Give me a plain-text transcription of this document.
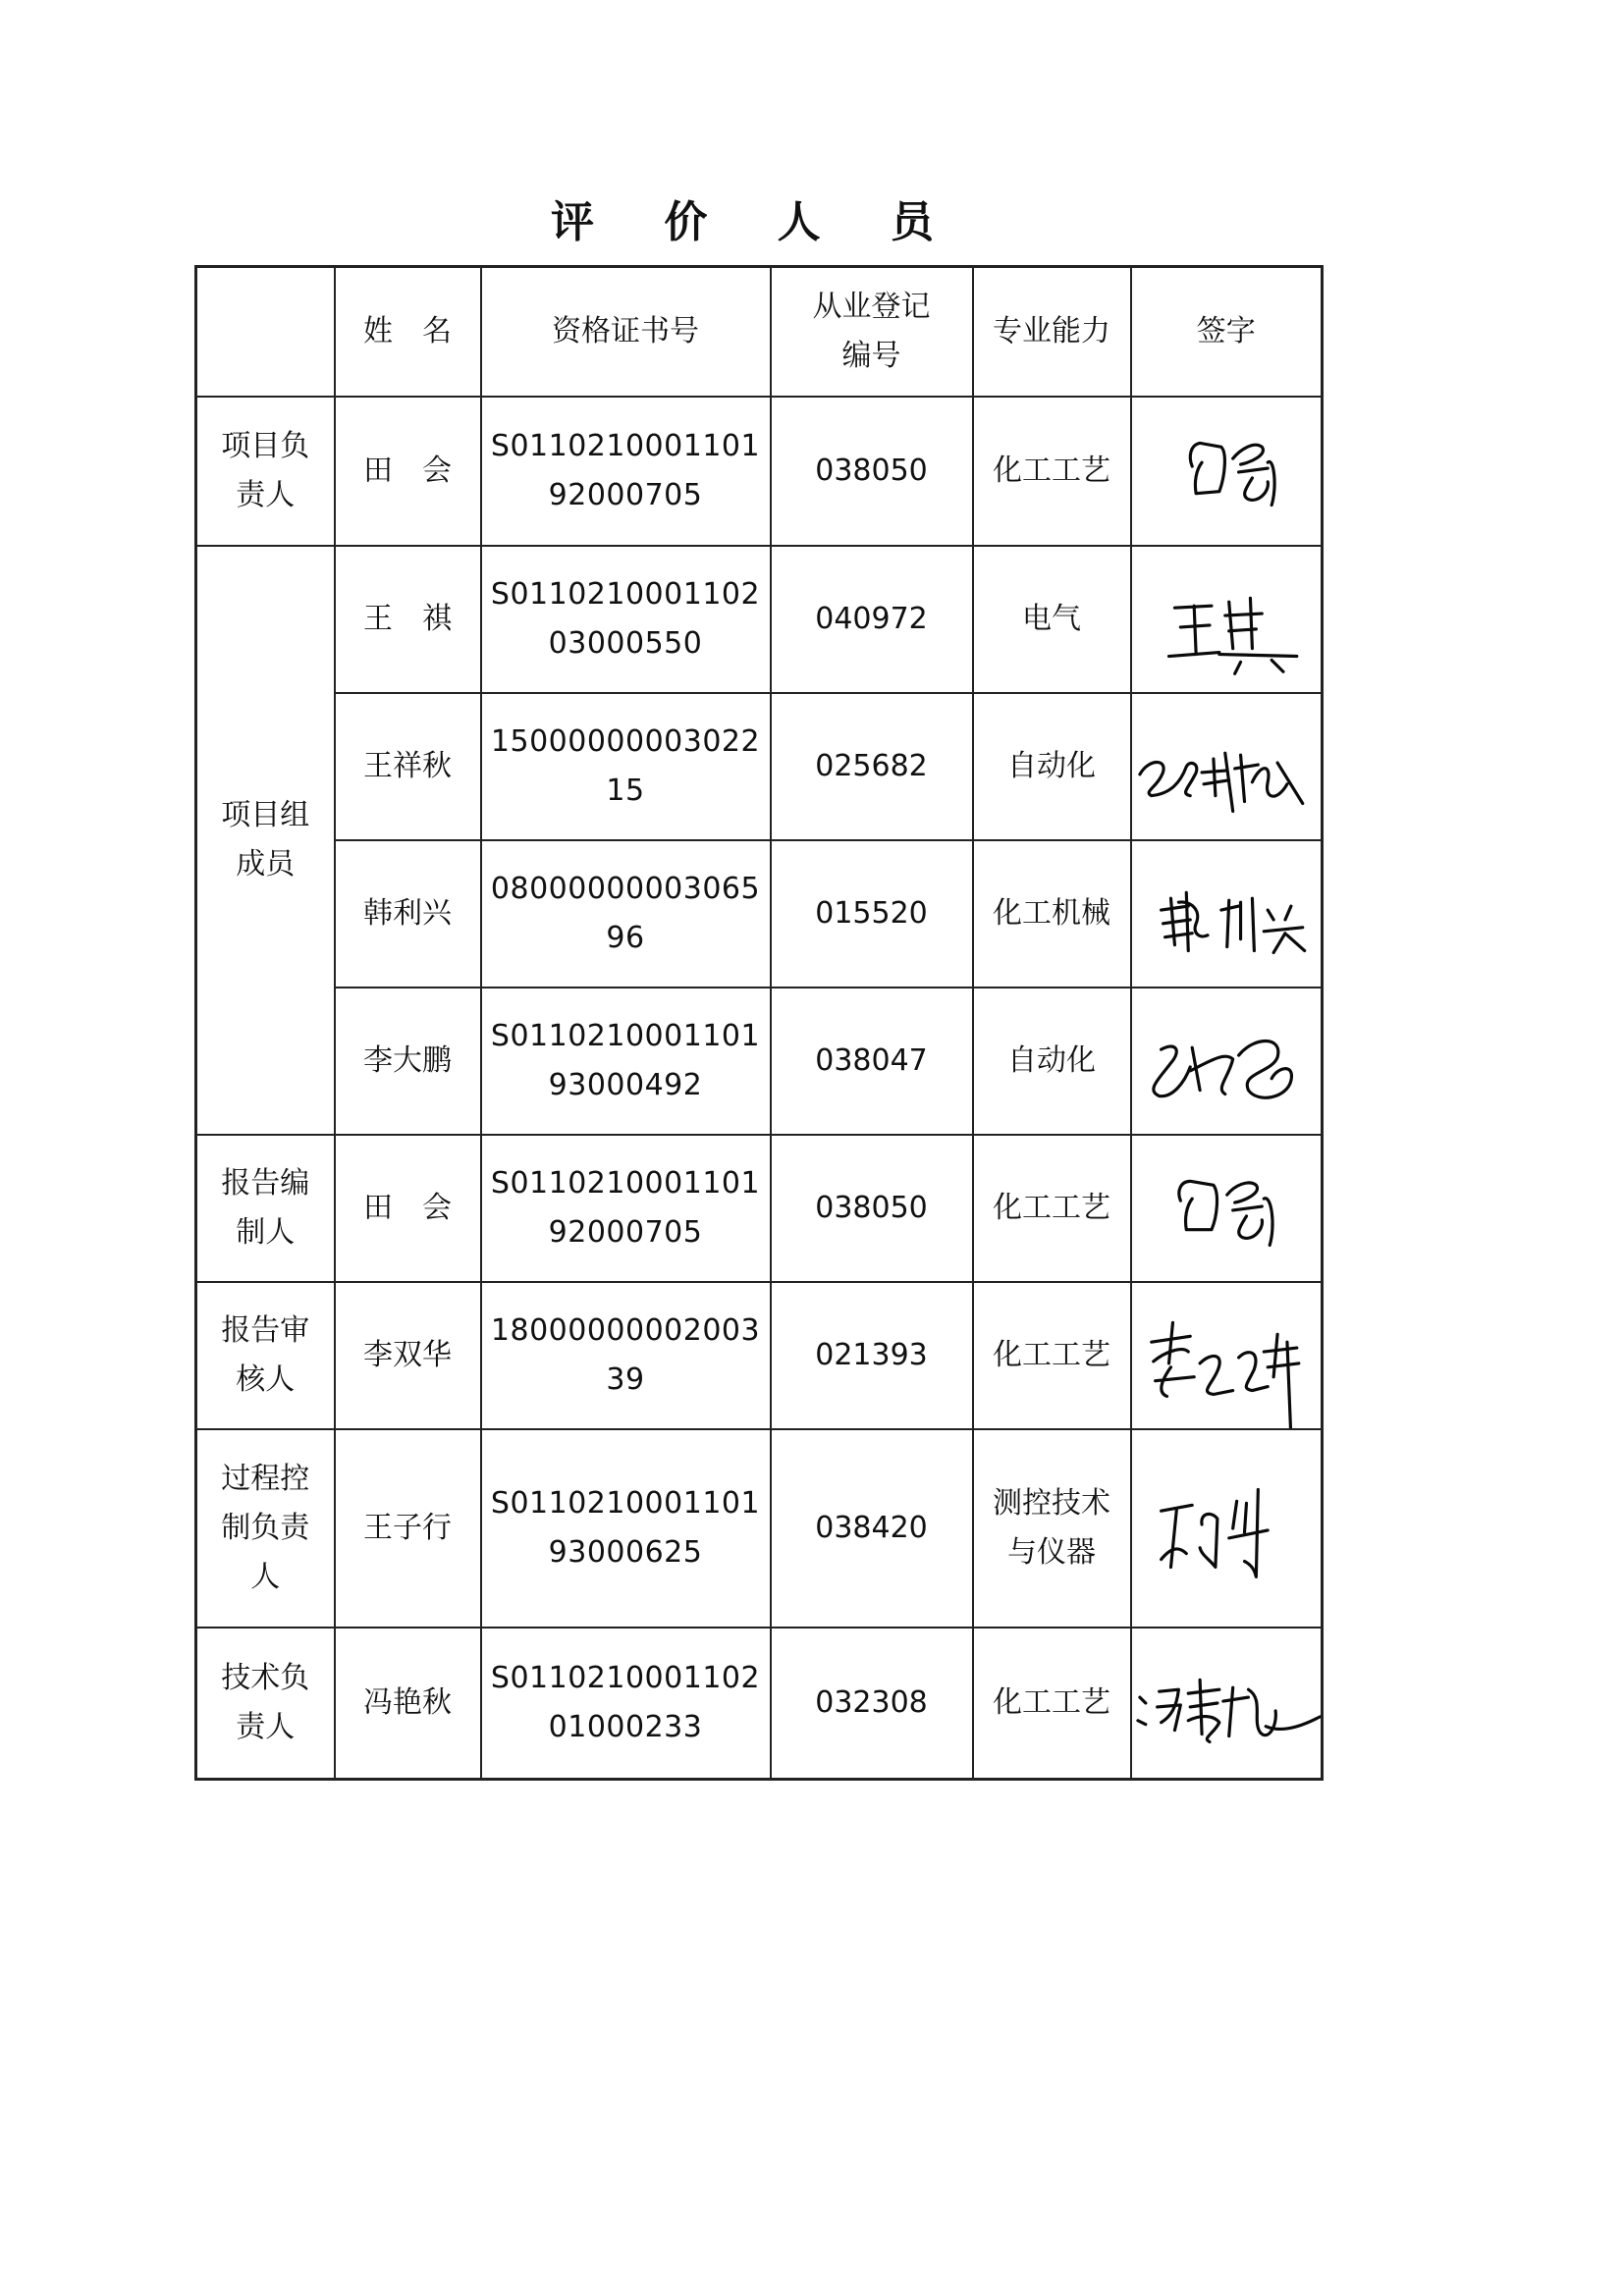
评 价 人 员
	姓　名	资格证书号	从业登记编号	专业能力	签字
项目负责人	田　会	S011021000110192000705	038050	化工工艺	

项目组成员	王　祺	S011021000110203000550	040972	电气	

	王祥秋	1500000000302215	025682	自动化	

	韩利兴	0800000000306596	015520	化工机械	

	李大鹏	S011021000110193000492	038047	自动化	

报告编制人	田　会	S011021000110192000705	038050	化工工艺	

报告审核人	李双华	1800000000200339	021393	化工工艺	

过程控制负责人	王子行	S011021000110193000625	038420	测控技术与仪器	

技术负责人	冯艳秋	S011021000110201000233	032308	化工工艺	
